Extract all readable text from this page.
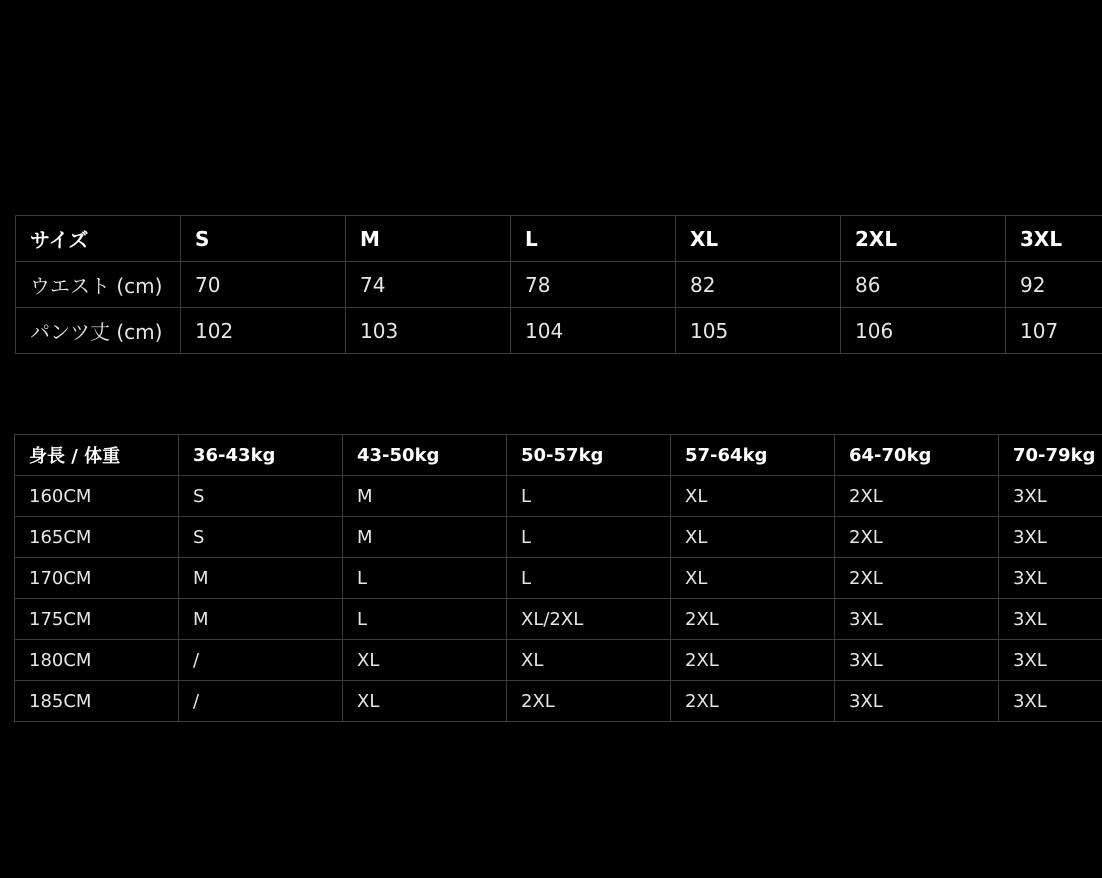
サイズ	S	M	L	XL	2XL	3XL
ウエスト (cm)	70	74	78	82	86	92
パンツ丈 (cm)	102	103	104	105	106	107
身長 / 体重	36-43kg	43-50kg	50-57kg	57-64kg	64-70kg	70-79kg
160CM	S	M	L	XL	2XL	3XL
165CM	S	M	L	XL	2XL	3XL
170CM	M	L	L	XL	2XL	3XL
175CM	M	L	XL/2XL	2XL	3XL	3XL
180CM	/	XL	XL	2XL	3XL	3XL
185CM	/	XL	2XL	2XL	3XL	3XL
